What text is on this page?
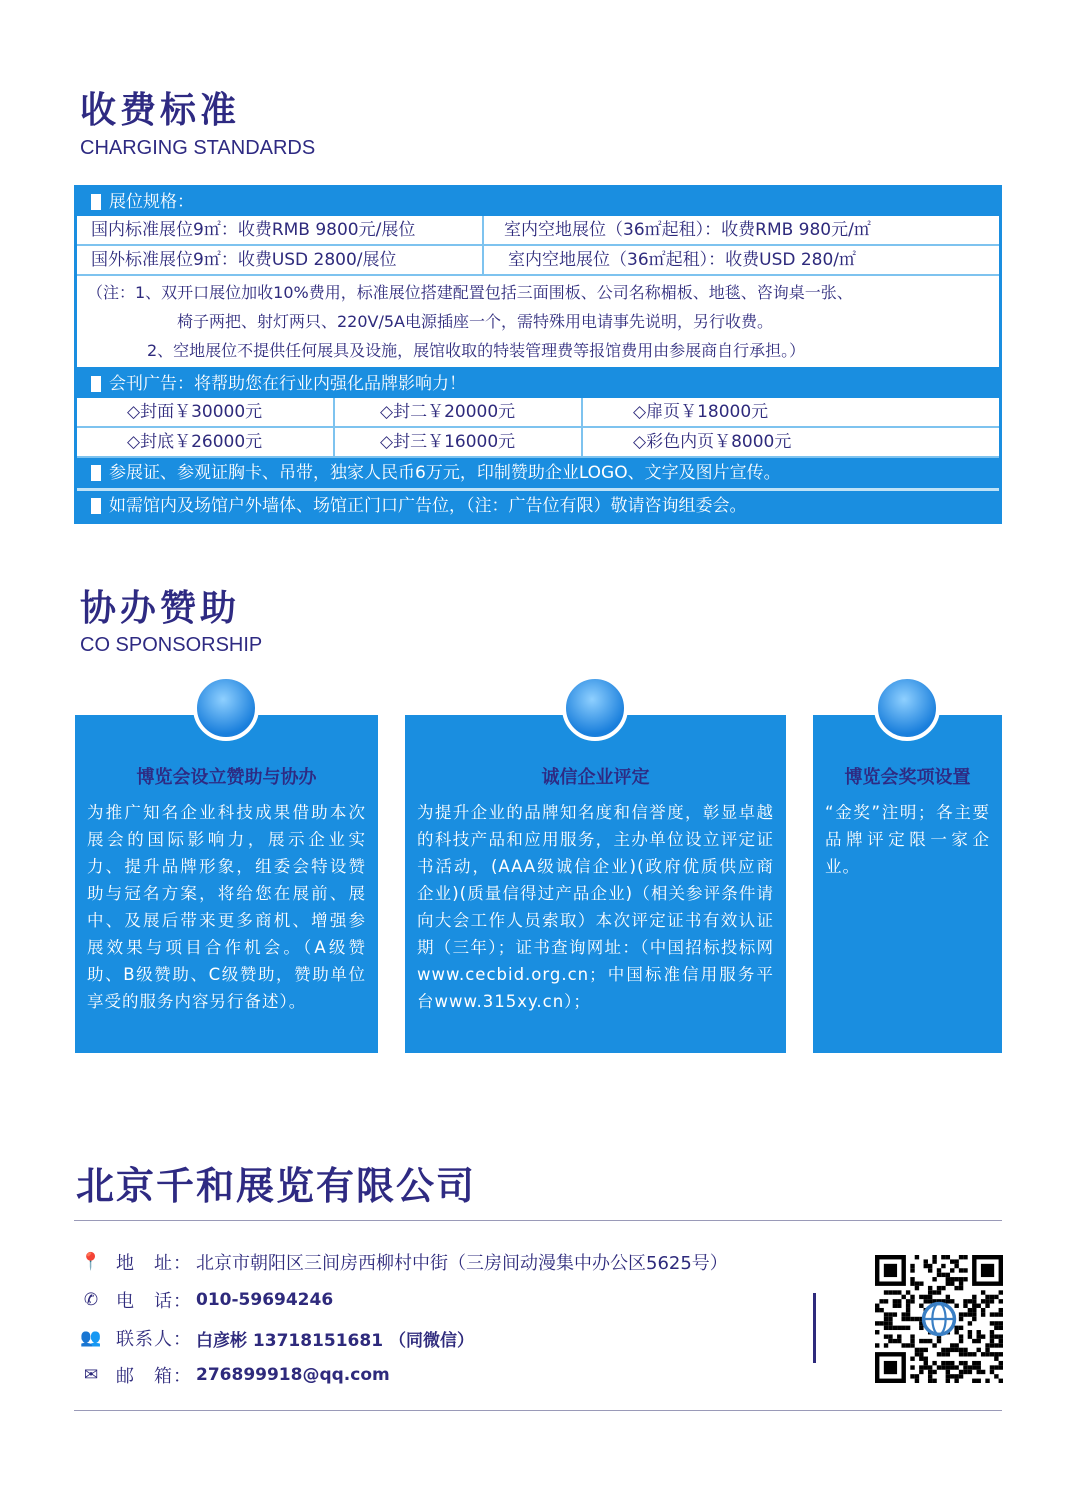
收费标准
CHARGING STANDARDS
展位规格：
国内标准展位9㎡：收费RMB 9800元/展位	室内空地展位（36㎡起租）：收费RMB 980元/㎡
国外标准展位9㎡：收费USD 2800/展位	室内空地展位（36㎡起租）：收费USD 280/㎡
（注：1、双开口展位加收10%费用，标准展位搭建配置包括三面围板、公司名称楣板、地毯、咨询桌一张、
椅子两把、射灯两只、220V/5A电源插座一个，需特殊用电请事先说明，另行收费。
2、空地展位不提供任何展具及设施，展馆收取的特装管理费等报馆费用由参展商自行承担。）
会刊广告：将帮助您在行业内强化品牌影响力！
◇封面￥30000元	◇封二￥20000元	◇扉页￥18000元
◇封底￥26000元	◇封三￥16000元	◇彩色内页￥8000元
参展证、参观证胸卡、吊带，独家人民币6万元，印制赞助企业LOGO、文字及图片宣传。
如需馆内及场馆户外墙体、场馆正门口广告位，（注：广告位有限）敬请咨询组委会。
协办赞助
CO SPONSORSHIP
博览会设立赞助与协办
为推广知名企业科技成果借助本次展会的国际影响力，展示企业实力、提升品牌形象，组委会特设赞助与冠名方案，将给您在展前、展中、及展后带来更多商机、增强参展效果与项目合作机会。（A级赞助、B级赞助、C级赞助，赞助单位享受的服务内容另行备述）。
诚信企业评定
为提升企业的品牌知名度和信誉度，彰显卓越的科技产品和应用服务，主办单位设立评定证书活动，(AAA级诚信企业)(政府优质供应商企业)(质量信得过产品企业)（相关参评条件请向大会工作人员索取）本次评定证书有效认证期（三年）；证书查询网址：（中国招标投标网www.cecbid.org.cn；中国标准信用服务平台www.315xy.cn）；
博览会奖项设置
“金奖”注明；各主要品牌评定限一家企业。
北京千和展览有限公司
📍 地　址： 北京市朝阳区三间房西柳村中街（三房间动漫集中办公区5625号）
✆ 电　话： 010-59694246
👥 联系人： 白彦彬 13718151681 （同微信）
✉ 邮　箱： 276899918@qq.com
